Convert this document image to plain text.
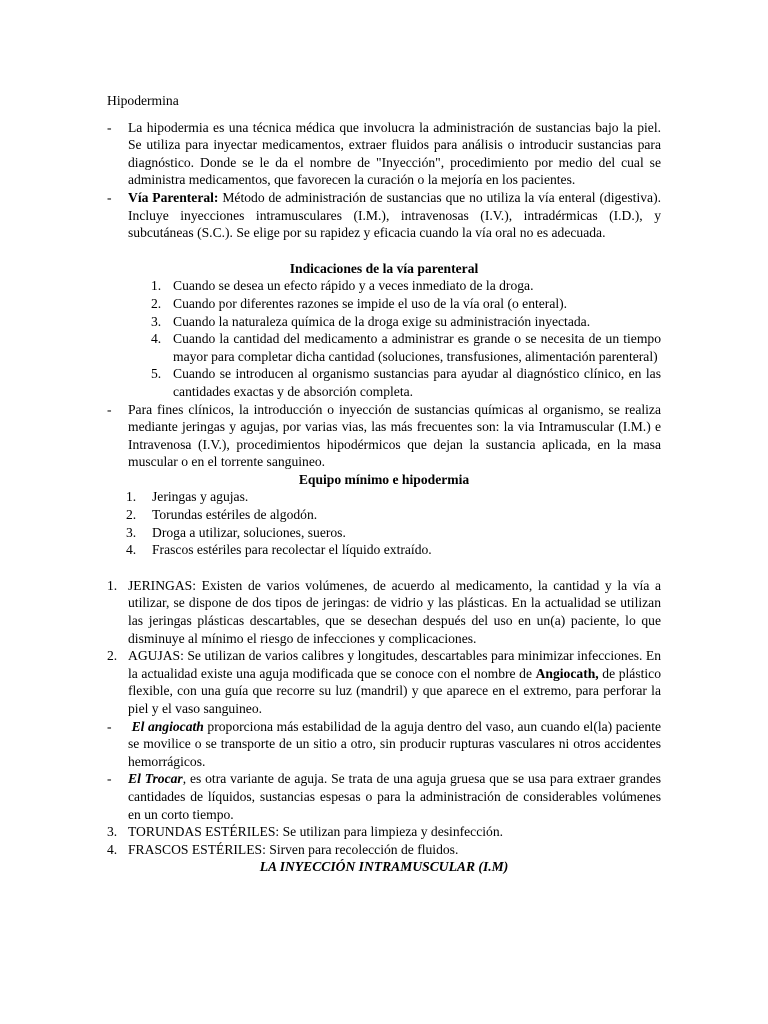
Hipodermina
- La hipodermia es una técnica médica que involucra la administración de sustancias bajo la piel. Se utiliza para inyectar medicamentos, extraer fluidos para análisis o introducir sustancias para diagnóstico. Donde se le da el nombre de "Inyección", procedimiento por medio del cual se administra medicamentos, que favorecen la curación o la mejoría en los pacientes.
- Vía Parenteral: Método de administración de sustancias que no utiliza la vía enteral (digestiva). Incluye inyecciones intramusculares (I.M.), intravenosas (I.V.), intradérmicas (I.D.), y subcutáneas (S.C.). Se elige por su rapidez y eficacia cuando la vía oral no es adecuada.
Indicaciones de la vía parenteral
1. Cuando se desea un efecto rápido y a veces inmediato de la droga.
2. Cuando por diferentes razones se impide el uso de la vía oral (o enteral).
3. Cuando la naturaleza química de la droga exige su administración inyectada.
4. Cuando la cantidad del medicamento a administrar es grande o se necesita de un tiempo mayor para completar dicha cantidad (soluciones, transfusiones, alimentación parenteral)
5. Cuando se introducen al organismo sustancias para ayudar al diagnóstico clínico, en las cantidades exactas y de absorción completa.
- Para fines clínicos, la introducción o inyección de sustancias químicas al organismo, se realiza mediante jeringas y agujas, por varias vias, las más frecuentes son: la via Intramuscular (I.M.) e Intravenosa (I.V.), procedimientos hipodérmicos que dejan la sustancia aplicada, en la masa muscular o en el torrente sanguineo.
Equipo mínimo e hipodermia
1. Jeringas y agujas.
2. Torundas estériles de algodón.
3. Droga a utilizar, soluciones, sueros.
4. Frascos estériles para recolectar el líquido extraído.
1. JERINGAS: Existen de varios volúmenes, de acuerdo al medicamento, la cantidad y la vía a utilizar, se dispone de dos tipos de jeringas: de vidrio y las plásticas. En la actualidad se utilizan las jeringas plásticas descartables, que se desechan después del uso en un(a) paciente, lo que disminuye al mínimo el riesgo de infecciones y complicaciones.
2. AGUJAS: Se utilizan de varios calibres y longitudes, descartables para minimizar infecciones. En la actualidad existe una aguja modificada que se conoce con el nombre de Angiocath, de plástico flexible, con una guía que recorre su luz (mandril) y que aparece en el extremo, para perforar la piel y el vaso sanguineo.
- El angiocath proporciona más estabilidad de la aguja dentro del vaso, aun cuando el(la) paciente se movilice o se transporte de un sitio a otro, sin producir rupturas vasculares ni otros accidentes hemorrágicos.
- El Trocar, es otra variante de aguja. Se trata de una aguja gruesa que se usa para extraer grandes cantidades de líquidos, sustancias espesas o para la administración de considerables volúmenes en un corto tiempo.
3. TORUNDAS ESTÉRILES: Se utilizan para limpieza y desinfección.
4. FRASCOS ESTÉRILES: Sirven para recolección de fluidos.
LA INYECCIÓN INTRAMUSCULAR (I.M)
